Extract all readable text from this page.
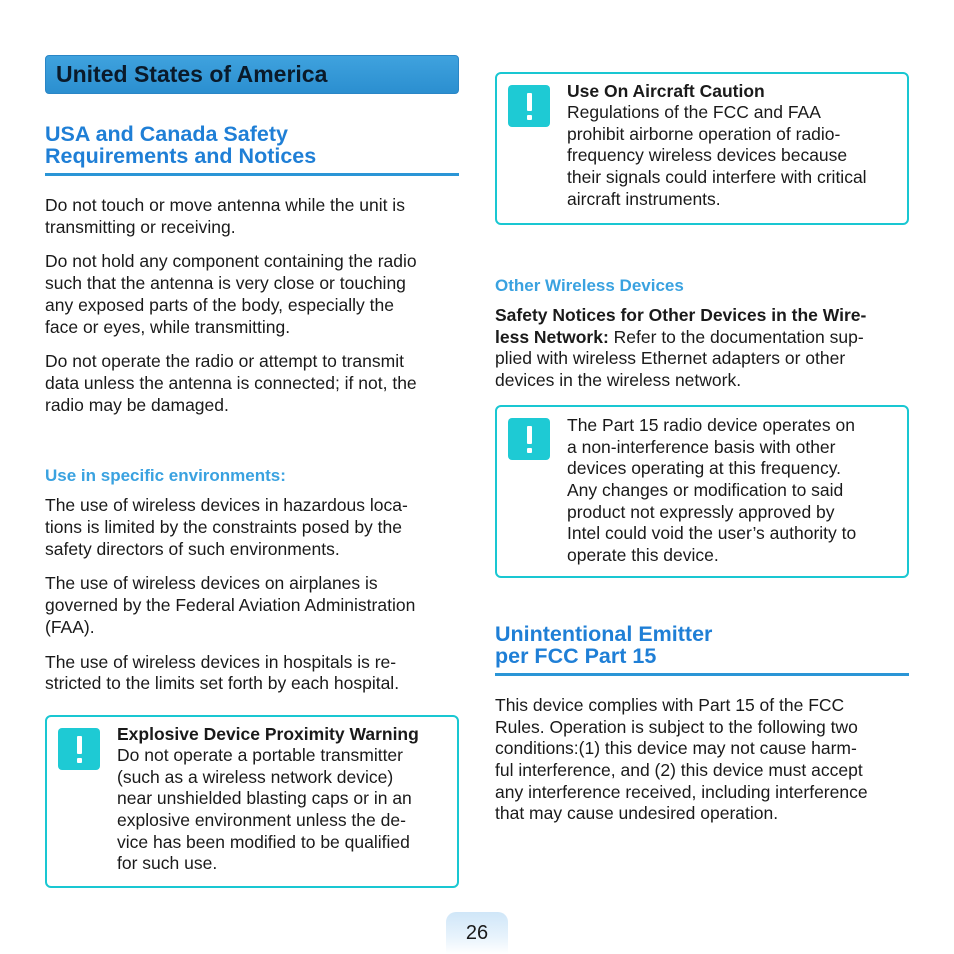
United States of America
USA and Canada Safety
Requirements and Notices

Do not touch or move antenna while the unit is
transmitting or receiving.

Do not hold any component containing the radio
such that the antenna is very close or touching
any exposed parts of the body, especially the
face or eyes, while transmitting.

Do not operate the radio or attempt to transmit
data unless the antenna is connected; if not, the
radio may be damaged.

Use in specific environments:

The use of wireless devices in hazardous loca-
tions is limited by the constraints posed by the
safety directors of such environments.

The use of wireless devices on airplanes is
governed by the Federal Aviation Administration
(FAA).

The use of wireless devices in hospitals is re-
stricted to the limits set forth by each hospital.

Explosive Device Proximity Warning

Do not operate a portable transmitter
(such as a wireless network device)
near unshielded blasting caps or in an
explosive environment unless the de-
vice has been modified to be qualified
for such use.

Use On Aircraft Caution

Regulations of the FCC and FAA
prohibit airborne operation of radio-
frequency wireless devices because
their signals could interfere with critical
aircraft instruments.

Other Wireless Devices

Safety Notices for Other Devices in the Wire-
less Network: Refer to the documentation sup-
plied with wireless Ethernet adapters or other
devices in the wireless network.

The Part 15 radio device operates on
a non-interference basis with other
devices operating at this frequency.
Any changes or modification to said
product not expressly approved by
Intel could void the user’s authority to
operate this device.

Unintentional Emitter
per FCC Part 15

This device complies with Part 15 of the FCC
Rules. Operation is subject to the following two
conditions:(1) this device may not cause harm-
ful interference, and (2) this device must accept
any interference received, including interference
that may cause undesired operation.

26
